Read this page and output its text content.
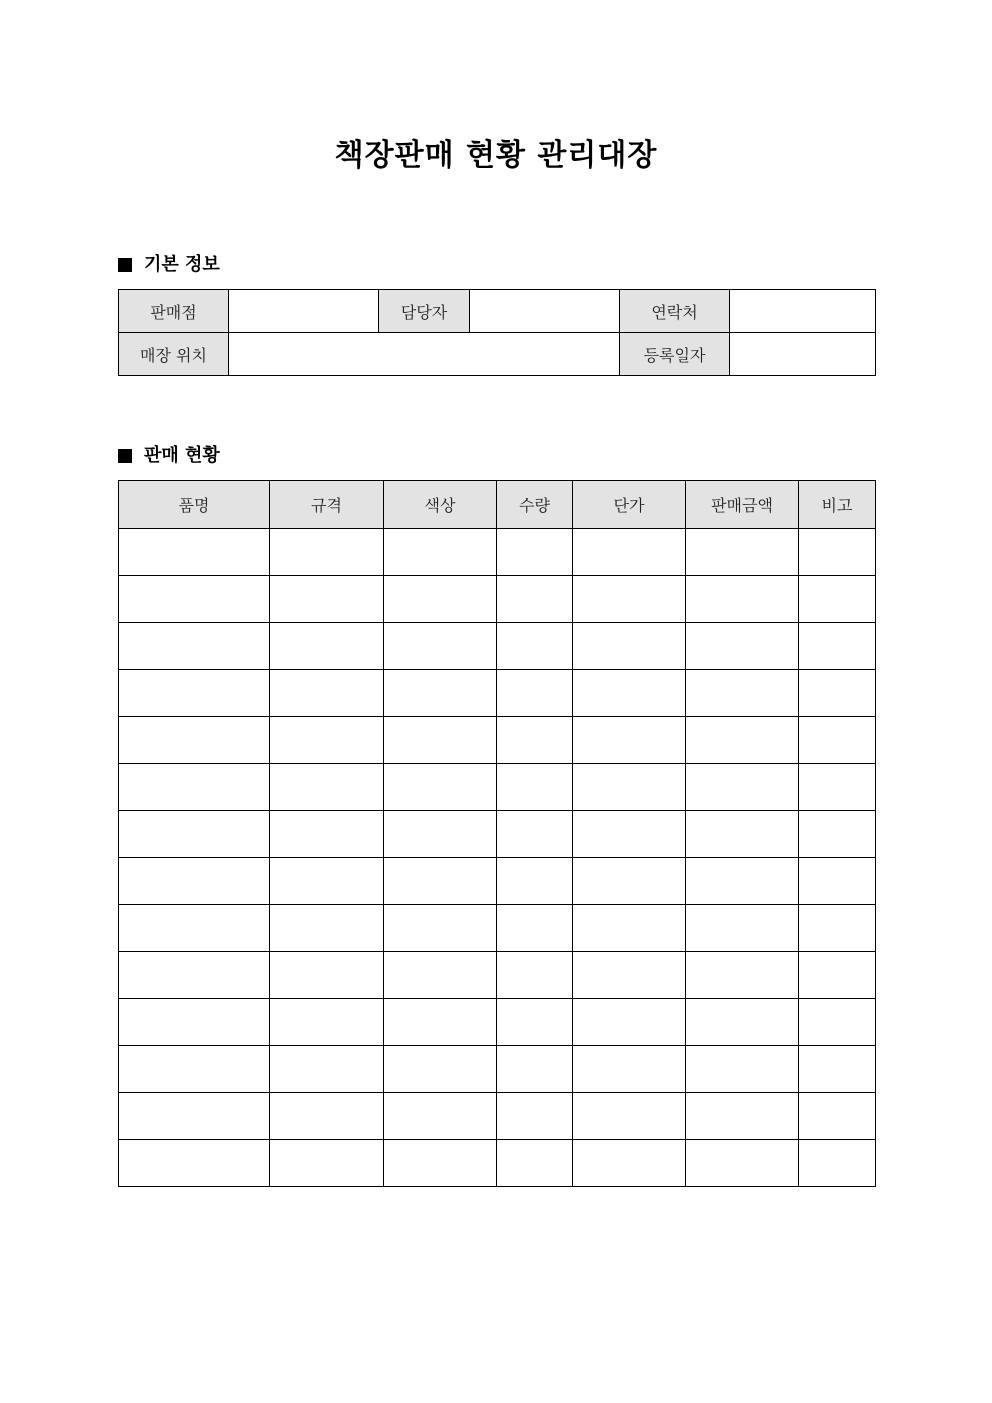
책장판매 현황 관리대장
기본 정보
판매점		담당자		연락처	
매장 위치				등록일자	
판매 현황
품명	규격	색상	수량	단가	판매금액	비고
